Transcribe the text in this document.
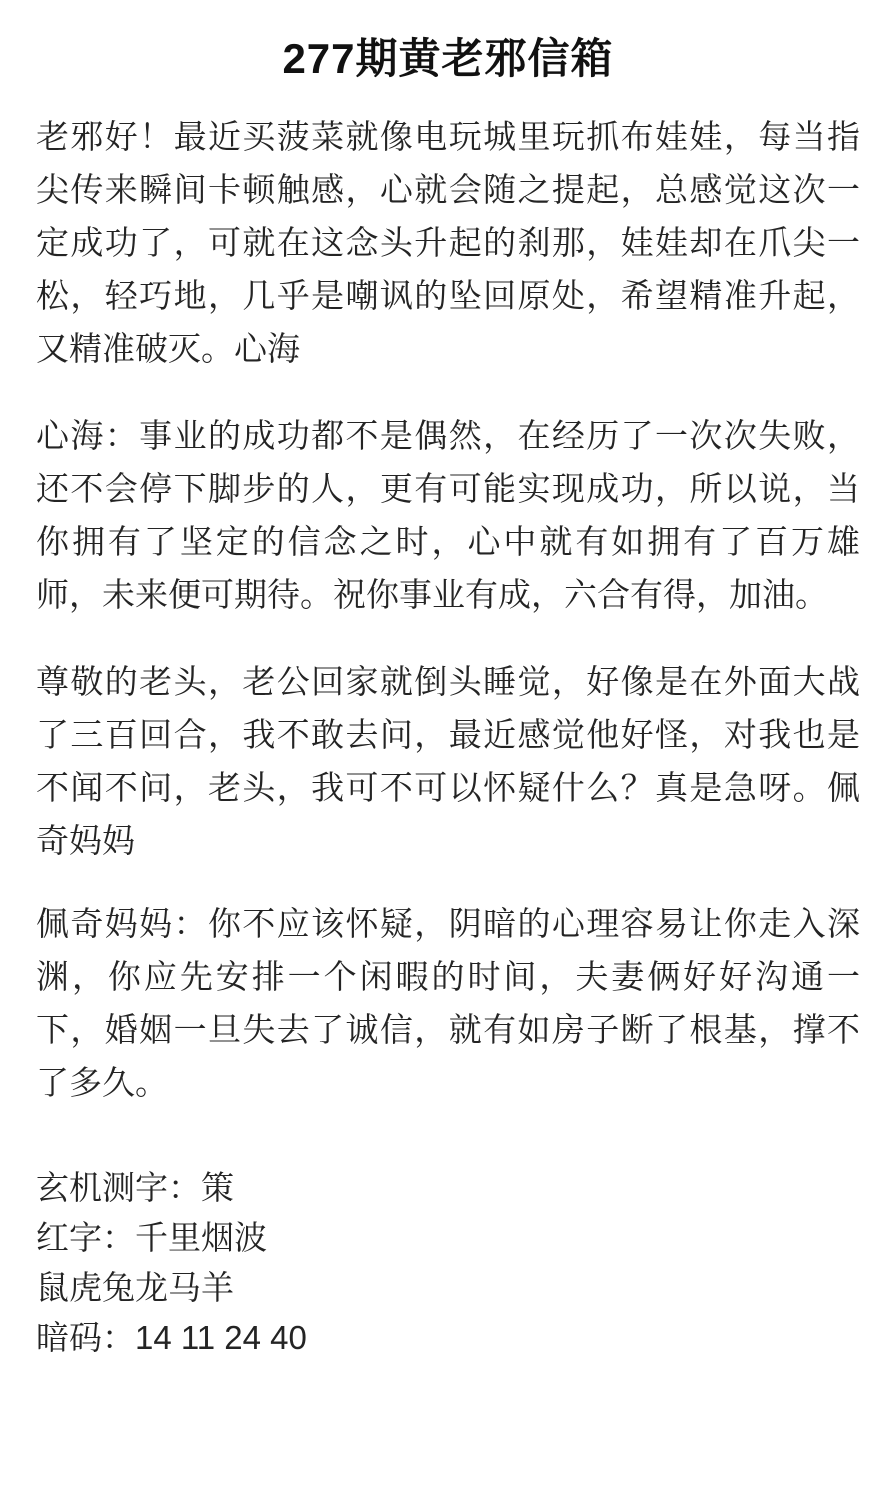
277期黄老邪信箱

老邪好！最近买菠菜就像电玩城里玩抓布娃娃，每当指尖传来瞬间卡顿触感，心就会随之提起，总感觉这次一定成功了，可就在这念头升起的刹那，娃娃却在爪尖一松，轻巧地，几乎是嘲讽的坠回原处，希望精准升起，又精准破灭。心海

心海：事业的成功都不是偶然，在经历了一次次失败，还不会停下脚步的人，更有可能实现成功，所以说，当你拥有了坚定的信念之时，心中就有如拥有了百万雄师，未来便可期待。祝你事业有成，六合有得，加油。

尊敬的老头，老公回家就倒头睡觉，好像是在外面大战了三百回合，我不敢去问，最近感觉他好怪，对我也是不闻不问，老头，我可不可以怀疑什么？真是急呀。佩奇妈妈

佩奇妈妈：你不应该怀疑，阴暗的心理容易让你走入深渊，你应先安排一个闲暇的时间，夫妻俩好好沟通一下，婚姻一旦失去了诚信，就有如房子断了根基，撑不了多久。

玄机测字：策

红字：千里烟波

鼠虎兔龙马羊

暗码：14 11 24 40
